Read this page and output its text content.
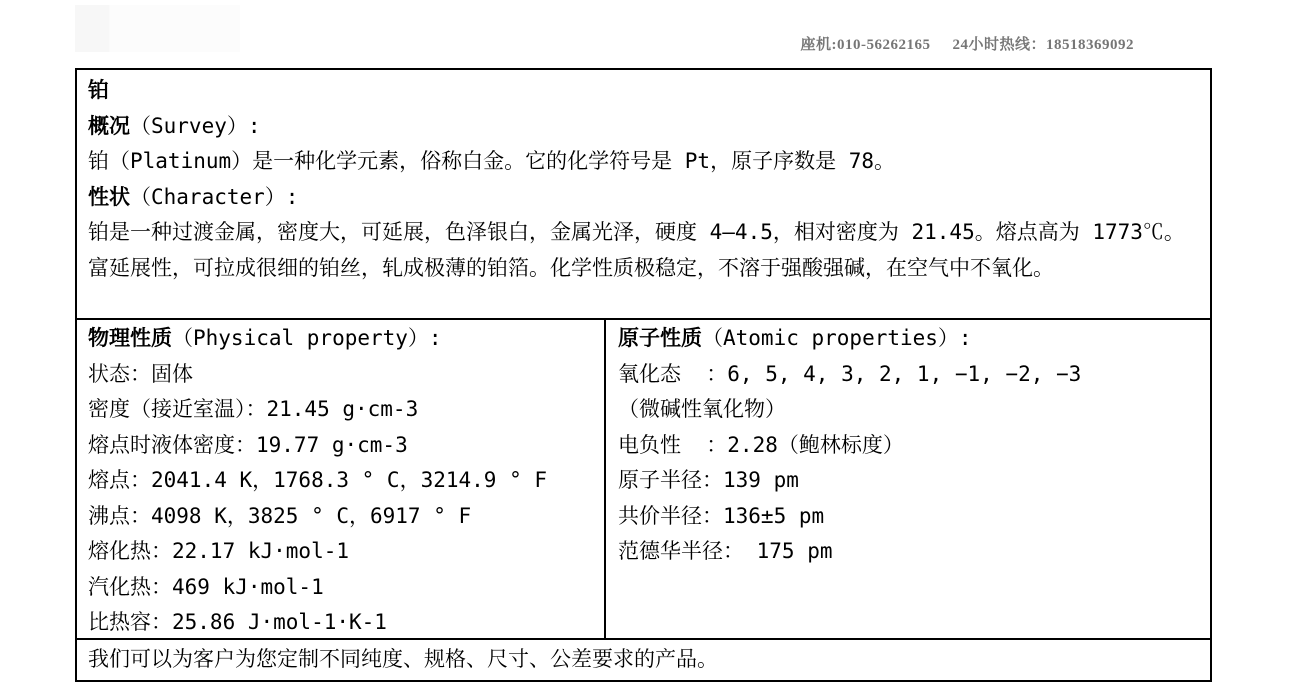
座机:010-56262165 24小时热线：18518369092
铂
概况（Survey）:
铂（Platinum）是一种化学元素，俗称白金。它的化学符号是 Pt，原子序数是 78。
性状（Character）:
铂是一种过渡金属，密度大，可延展，色泽银白，金属光泽，硬度 4—4.5，相对密度为 21.45。熔点高为 1773℃。富延展性，可拉成很细的铂丝，轧成极薄的铂箔。化学性质极稳定，不溶于强酸强碱，在空气中不氧化。
物理性质（Physical property）:
状态：固体
密度（接近室温）：21.45 g·cm-3
熔点时液体密度：19.77 g·cm-3
熔点：2041.4 K，1768.3 ° C，3214.9 ° F
沸点：4098 K，3825 ° C，6917 ° F
熔化热：22.17 kJ·mol-1
汽化热：469 kJ·mol-1
比热容：25.86 J·mol-1·K-1
原子性质（Atomic properties）:
氧化态  ：6, 5, 4, 3, 2, 1, −1, −2, −3
（微碱性氧化物）
电负性  ：2.28（鲍林标度）
原子半径：139 pm
共价半径：136±5 pm
范德华半径： 175 pm
我们可以为客户为您定制不同纯度、规格、尺寸、公差要求的产品。
